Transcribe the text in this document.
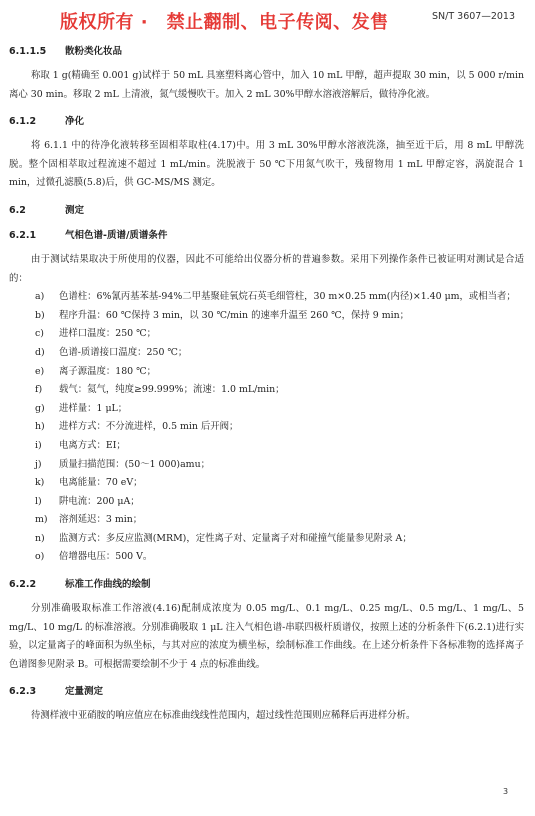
版权所有 ·　禁止翻制、电子传阅、发售	SN/T 3607—2013
6.1.1.5 散粉类化妆品

称取 1 g(精确至 0.001 g)试样于 50 mL 具塞塑料离心管中，加入 10 mL 甲醇，超声提取 30 min，以 5 000 r/min 离心 30 min。移取 2 mL 上清液，氮气缓慢吹干。加入 2 mL 30%甲醇水溶液溶解后，做待净化液。

6.1.2	净化

将 6.1.1 中的待净化液转移至固相萃取柱(4.17)中。用 3 mL 30%甲醇水溶液洗涤，抽至近干后，用 8 mL 甲醇洗脱。整个固相萃取过程流速不超过 1 mL/min。洗脱液于 50 ℃下用氮气吹干，残留物用 1 mL 甲醇定容，涡旋混合 1 min，过微孔滤膜(5.8)后，供 GC-MS/MS 测定。

6.2	测定
6.2.1	气相色谱-质谱/质谱条件

由于测试结果取决于所使用的仪器，因此不可能给出仪器分析的普遍参数。采用下列操作条件已被证明对测试是合适的：

a)	色谱柱：6%氰丙基苯基-94%二甲基聚硅氧烷石英毛细管柱，30 m×0.25 mm(内径)×1.40 μm，或相当者；
b)	程序升温：60 ℃保持 3 min，以 30 ℃/min 的速率升温至 260 ℃，保持 9 min；
c)	进样口温度：250 ℃；
d)	色谱-质谱接口温度：250 ℃；
e)	离子源温度：180 ℃；
f)	载气：氦气，纯度≥99.999%；流速：1.0 mL/min；
g)	进样量：1 μL；
h)	进样方式：不分流进样，0.5 min 后开阀；
i)	电离方式：EI；
j)	质量扫描范围：(50～1 000)amu；
k)	电离能量：70 eV；
l)	阱电流：200 μA；
m)	溶剂延迟：3 min；
n)	监测方式：多反应监测(MRM)，定性离子对、定量离子对和碰撞气能量参见附录 A；
o)	倍增器电压：500 V。
6.2.2	标准工作曲线的绘制

分别准确吸取标准工作溶液(4.16)配制成浓度为 0.05 mg/L、0.1 mg/L、0.25 mg/L、0.5 mg/L、1 mg/L、5 mg/L、10 mg/L 的标准溶液。分别准确吸取 1 μL 注入气相色谱-串联四极杆质谱仪，按照上述的分析条件下(6.2.1)进行实验，以定量离子的峰面积为纵坐标，与其对应的浓度为横坐标，绘制标准工作曲线。在上述分析条件下各标准物的选择离子色谱图参见附录 B。可根据需要绘制不少于 4 点的标准曲线。

6.2.3	定量测定

待测样液中亚硝胺的响应值应在标准曲线线性范围内，超过线性范围则应稀释后再进样分析。

3
